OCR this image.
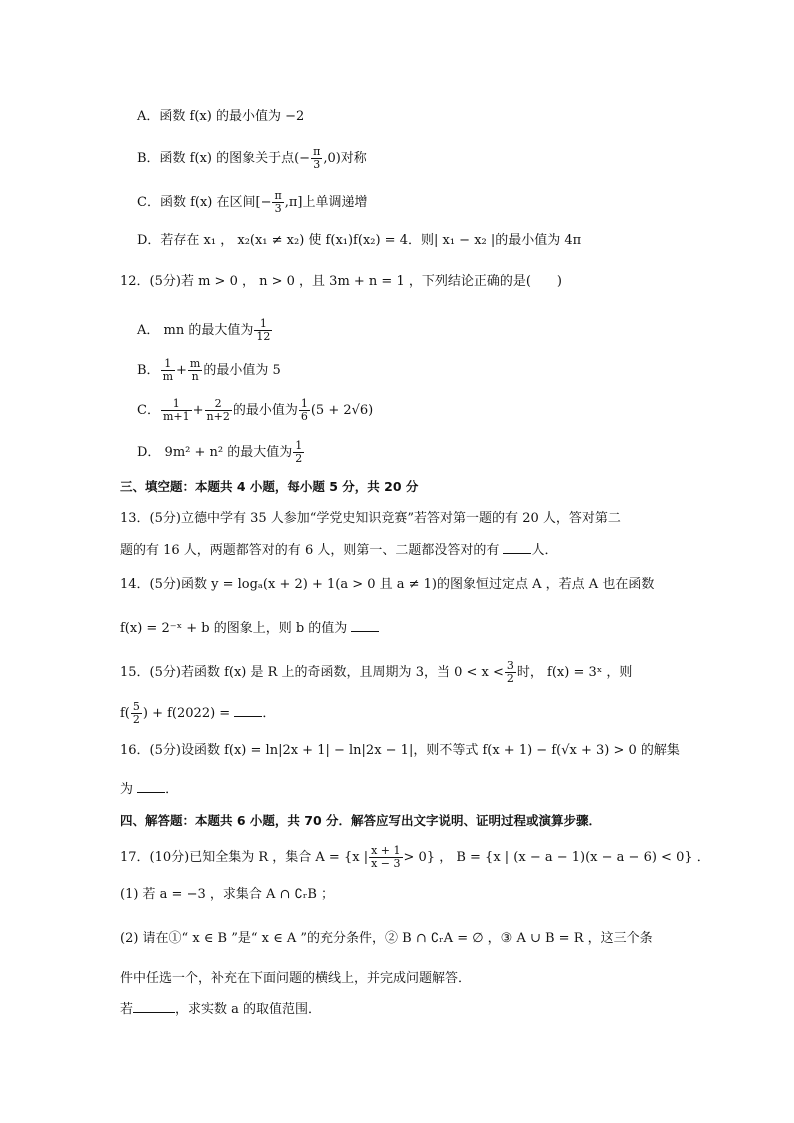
A．函数 f(x) 的最小值为 −2
B．函数 f(x) 的图象关于点(− $\frac{\pi}{3} ,0$)对称
C．函数 f(x) 在区间[− $\frac{\pi}{3} ,\pi$]上单调递增
D．若存在 x₁ ， x₂(x₁ ≠ x₂) 使 f(x₁)f(x₂) = 4．则| x₁ − x₂ |的最小值为 4π
12．(5分)若 m > 0 ， n > 0 ，且 3m + n = 1 ，下列结论正确的是(　　)
A． mn 的最大值为 $\frac{1}{12}$
B． $\frac{1}{m} + \frac{m}{n}$ 的最小值为 5
C． $\frac{1}{m+1} + \frac{2}{n+2}$ 的最小值为 $\frac{1}{6} (5 + 2√6)$
D． 9m² + n² 的最大值为 $\frac{1}{2}$
三、填空题：本题共 4 小题，每小题 5 分，共 20 分
13．(5分)立德中学有 35 人参加“学党史知识竞赛”若答对第一题的有 20 人，答对第二
题的有 16 人，两题都答对的有 6 人，则第一、二题都没答对的有 人．
14．(5分)函数 y = logₐ(x + 2) + 1(a > 0 且 a ≠ 1)的图象恒过定点 A ，若点 A 也在函数
f(x) = 2⁻ˣ + b 的图象上，则 b 的值为
15．(5分)若函数 f(x) 是 R 上的奇函数，且周期为 3，当 $0 < x < \frac{3}{2}$ 时， f(x) = 3ˣ ，则
$f( \frac{5}{2}$ ) + f(2022) = ．
16．(5分)设函数 f(x) = ln|2x + 1| − ln|2x − 1|，则不等式 f(x + 1) − f(√x + 3) > 0 的解集
为 ．
四、解答题：本题共 6 小题，共 70 分．解答应写出文字说明、证明过程或演算步骤．
17．(10分)已知全集为 R ，集合 A = {x | $\frac{x + 1}{x - 3} > 0$} ， B = {x | (x − a − 1)(x − a − 6) < 0} ．
(1) 若 a = −3 ，求集合 A ∩ ∁ᵣB ；
(2) 请在①“ x ∈ B ”是“ x ∈ A ”的充分条件，② B ∩ ∁ᵣA = ∅ ，③ A ∪ B = R ，这三个条
件中任选一个，补充在下面问题的横线上，并完成问题解答．
若	，求实数 a 的取值范围．
